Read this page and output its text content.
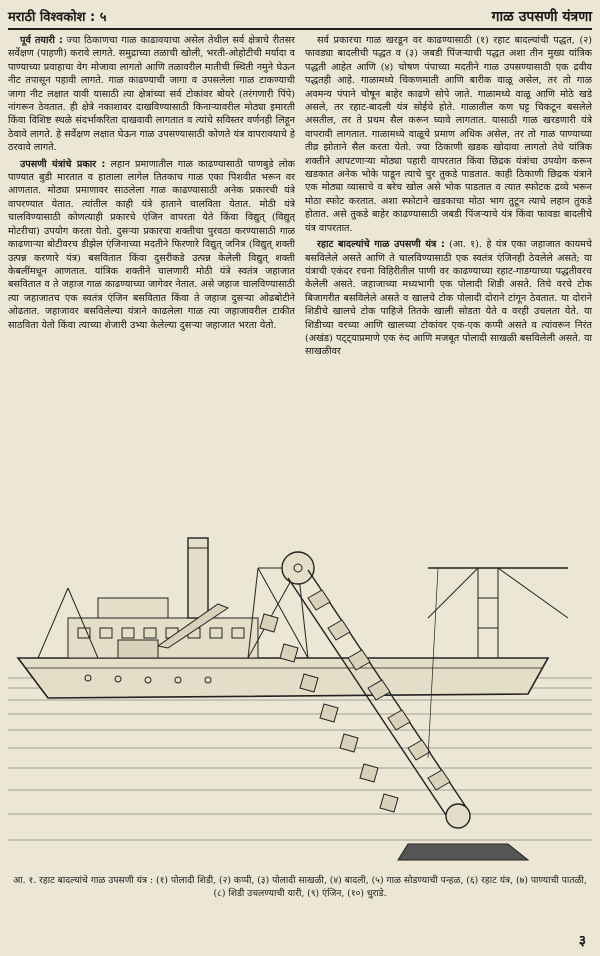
मराठी विश्वकोश : ५	गाळ उपसणी यंत्रणा

पूर्व तयारी : ज्या ठिकाणचा गाळ काढावयाचा असेल तेथील सर्व क्षेत्राचे रीतसर सर्वेक्षण (पाहणी) करावे लागते. समुद्राच्या तळाची खोली, भरती-ओहोटीची मर्यादा व पाण्याच्या प्रवाहाचा वेग मोजावा लागतो आणि तळावरील मातीची स्थिती नमुने घेऊन नीट तपासून पहावी लागते. गाळ काढण्याची जागा व उपसलेला गाळ टाकण्याची जागा नीट लक्षात यावी यासाठी त्या क्षेत्रांच्या सर्व टोकांवर बोयरे (तरंगणारी पिंपे) नांगरून ठेवतात. ही क्षेत्रे नकाशावर दाखविण्यासाठी किनाऱ्यावरील मोठ्या इमारती किंवा विशिष्ट स्थळे संदर्भाकरिता दाखवावी लागतात व त्यांचे सविस्तर वर्णनही लिहून ठेवावे लागते. हे सर्वेक्षण लक्षात घेऊन गाळ उपसण्यासाठी कोणते यंत्र वापरावयाचे हे ठरवावे लागते.

उपसणी यंत्रांचे प्रकार : लहान प्रमाणातील गाळ काढण्यासाठी पाणबुडे लोक पाण्यात बुडी मारतात व हाताला लागेल तितकाच गाळ एका पिशवीत भरून वर आणतात. मोठ्या प्रमाणावर साठलेला गाळ काढण्यासाठी अनेक प्रकारची यंत्रे वापरण्यात येतात. त्यांतील काही यंत्रे हाताने चालविता येतात. मोठी यंत्रे चालविण्यासाठी कोणत्याही प्रकारचे एंजिन वापरता येते किंवा विद्युत् (विद्युत् मोटरीचा) उपयोग करता येतो. दुसऱ्या प्रकारचा शक्तीचा पुरवठा करण्यासाठी गाळ काढणाऱ्या बोटीवरच डीझेल एंजिनाच्या मदतीने फिरणारे विद्युत् जनित्र (विद्युत् शक्ती उत्पन्न करणारे यंत्र) बसवितात किंवा दुसरीकडे उत्पन्न केलेली विद्युत् शक्ती केबलींमधून आणतात. यांत्रिक शक्तीने चालणारी मोठी यंत्रे स्वतंत्र जहाजात बसवितात व ते जहाज गाळ काढण्याच्या जागेवर नेतात. असे जहाज चालविण्यासाठी त्या जहाजातच एक स्वतंत्र एंजिन बसवितात किंवा ते जहाज दुसऱ्या ओढबोटीने ओढतात. जहाजावर बसविलेल्या यंत्राने काढलेला गाळ त्या जहाजावरील टाकीत साठविता येतो किंवा त्याच्या शेजारी उभ्या केलेल्या दुसऱ्या जहाजात भरता येतो.

सर्व प्रकारचा गाळ खरडून वर काढण्यासाठी (१) रहाट बादल्यांची पद्धत, (२) फावड्या बादलीची पद्धत व (३) जबडी पिंजऱ्याची पद्धत अशा तीन मुख्य यांत्रिक पद्धती आहेत आणि (४) चोषण पंपाच्या मदतीने गाळ उपसण्यासाठी एक द्रवीय पद्धतही आहे. गाळामध्ये चिकणमाती आणि बारीक वाळू असेल, तर तो गाळ अवमन्य पंपाने चोषून बाहेर काढणे सोपे जाते. गाळामध्ये वाळू आणि मोठे खडे असले, तर रहाट-बादली यंत्र सोईचे होते. गाळातील कण घट्ट चिकटून बसलेले असतील, तर ते प्रथम सैल करून घ्यावे लागतात. यासाठी गाळ खरडणारी यंत्रे वापरावी लागतात. गाळामध्ये वाळूचे प्रमाण अधिक असेल, तर तो गाळ पाण्याच्या तीव्र झोताने सैल करता येतो. ज्या ठिकाणी खडक खोदावा लागतो तेथे यांत्रिक शक्तीने आपटणाऱ्या मोठ्या पहारी वापरतात किंवा छिद्रक यंत्रांचा उपयोग करून खडकात अनेक भोके पाडून त्याचे चुर तुकडे पाडतात. काही ठिकाणी छिद्रक यंत्राने एक मोठ्या व्यासाचे व बरेच खोल असे भोक पाडतात व त्यात स्फोटक द्रव्ये भरून मोठा स्फोट करतात. अशा स्फोटाने खडकाचा मोठा भाग तुटून त्याचे लहान तुकडे होतात. असे तुकडे बाहेर काढण्यासाठी जबडी पिंजऱ्याचे यंत्र किंवा फावडा बादलीचे यंत्र वापरतात.

रहाट बादल्यांचे गाळ उपसणी यंत्र : (आ. १). हे यंत्र एका जहाजात कायमचे बसविलेले असते आणि ते चालविण्यासाठी एक स्वतंत्र एंजिनही ठेवलेले असते; या यंत्राची एकंदर रचना विहिरीतील पाणी वर काढण्याच्या रहाट-गाडग्याच्या पद्धतीवरच केलेली असते. जहाजाच्या मध्यभागी एक पोलादी शिडी असते. तिचे वरचे टोक बिजागरीत बसविलेले असते व खालचे टोक पोलादी दोराने टांगून ठेवतात. या दोराने शिडीचे खालचे टोक पाहिजे तितके खाली सोडता येते व वरही उचलता येते. या शिडीच्या वरच्या आणि खालच्या टोकांवर एक-एक कप्पी असते व त्यांवरून निरंत (अखंड) पट्ट्याप्रमाणे एक रुंद आणि मजबूत पोलादी साखळी बसविलेली असते. या साखळीवर

आ. १. रहाट बादल्यांचे गाळ उपसणी यंत्र : (१) पोलादी शिडी, (२) कप्पी, (३) पोलादी साखळी, (४) बादली, (५) गाळ सोडण्याची पन्हळ, (६) रहाट यंत्र, (७) पाण्याची पातळी, (८) शिडी उचलण्याची यारी, (९) एंजिन, (१०) धुराडे.
३
